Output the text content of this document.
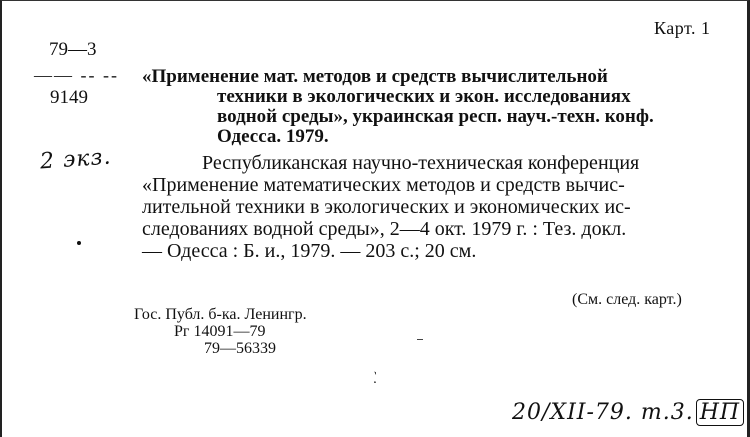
Карт. 1
79—3
—— -- --
9149
2 экз.
«Применение мат. методов и средств вычислительной
техники в экологических и экон. исследованиях
водной среды», украинская респ. науч.-техн. конф.
Одесса. 1979.
Республиканская научно-техническая конференция
«Применение математических методов и средств вычис-
лительной техники в экологических и экономических ис-
следованиях водной среды», 2—4 окт. 1979 г. : Тез. докл.
— Одесса : Б. и., 1979. — 203 с.; 20 см.
(См. след. карт.)
Гос. Публ. б-ка. Ленингр.
Рг 14091—79
79—56339
ˋ.
20/XII-79. т.3. НП
